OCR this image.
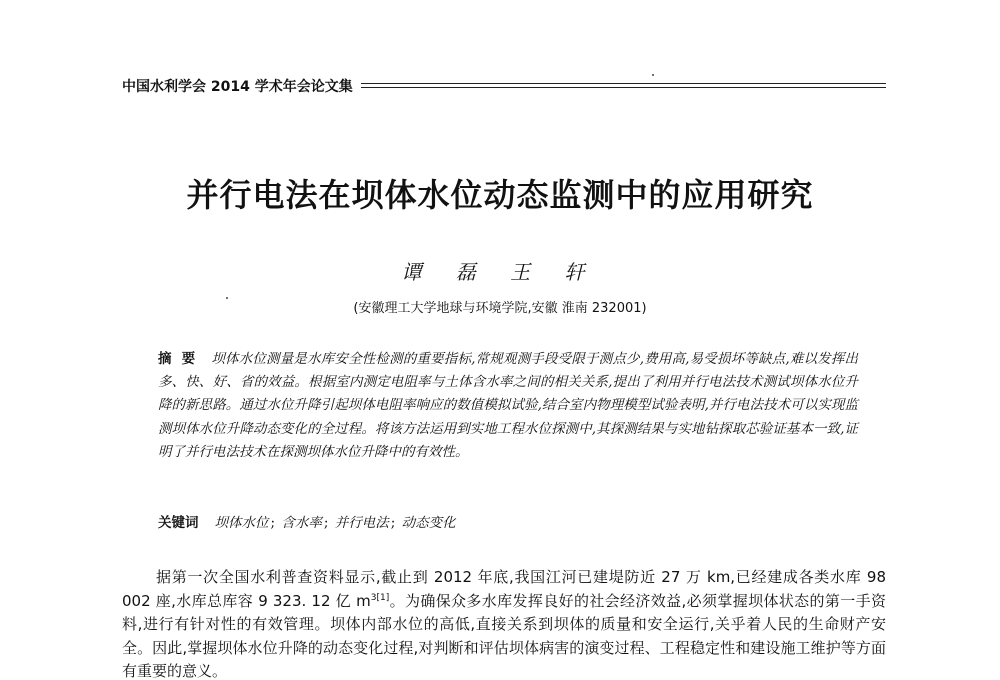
中国水利学会 2014 学术年会论文集
并行电法在坝体水位动态监测中的应用研究
谭 磊 王 轩
(安徽理工大学地球与环境学院,安徽 淮南 232001)
摘要 坝体水位测量是水库安全性检测的重要指标,常规观测手段受限于测点少,费用高,易受损坏等缺点,难以发挥出多、快、好、省的效益。根据室内测定电阻率与土体含水率之间的相关关系,提出了利用并行电法技术测试坝体水位升降的新思路。通过水位升降引起坝体电阻率响应的数值模拟试验,结合室内物理模型试验表明,并行电法技术可以实现监测坝体水位升降动态变化的全过程。将该方法运用到实地工程水位探测中,其探测结果与实地钻探取芯验证基本一致,证明了并行电法技术在探测坝体水位升降中的有效性。
关键词 坝体水位 ; 含水率 ; 并行电法 ; 动态变化
据第一次全国水利普查资料显示,截止到 2012 年底,我国江河已建堤防近 27 万 km,已经建成各类水库 98 002 座,水库总库容 9 323. 12 亿 $m^{3[1]}$。为确保众多水库发挥良好的社会经济效益,必须掌握坝体状态的第一手资料,进行有针对性的有效管理。坝体内部水位的高低,直接关系到坝体的质量和安全运行,关乎着人民的生命财产安全。因此,掌握坝体水位升降的动态变化过程,对判断和评估坝体病害的演变过程、工程稳定性和建设施工维护等方面有重要的意义。
